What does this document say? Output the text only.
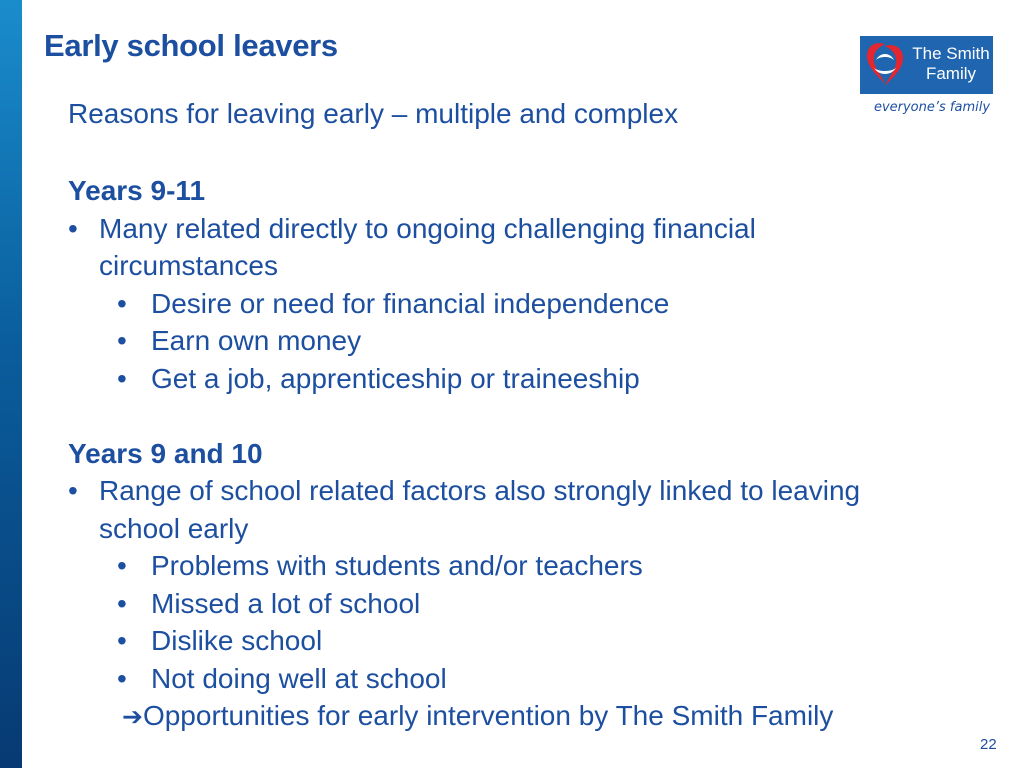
Early school leavers	The Smith
Family
everyone’s family
Reasons for leaving early – multiple and complex
Years 9-11
• Many related directly to ongoing challenging financial
circumstances
• Desire or need for financial independence
• Earn own money
• Get a job, apprenticeship or traineeship
Years 9 and 10
• Range of school related factors also strongly linked to leaving
school early
• Problems with students and/or teachers
• Missed a lot of school
• Dislike school
• Not doing well at school
➔Opportunities for early intervention by The Smith Family
22
